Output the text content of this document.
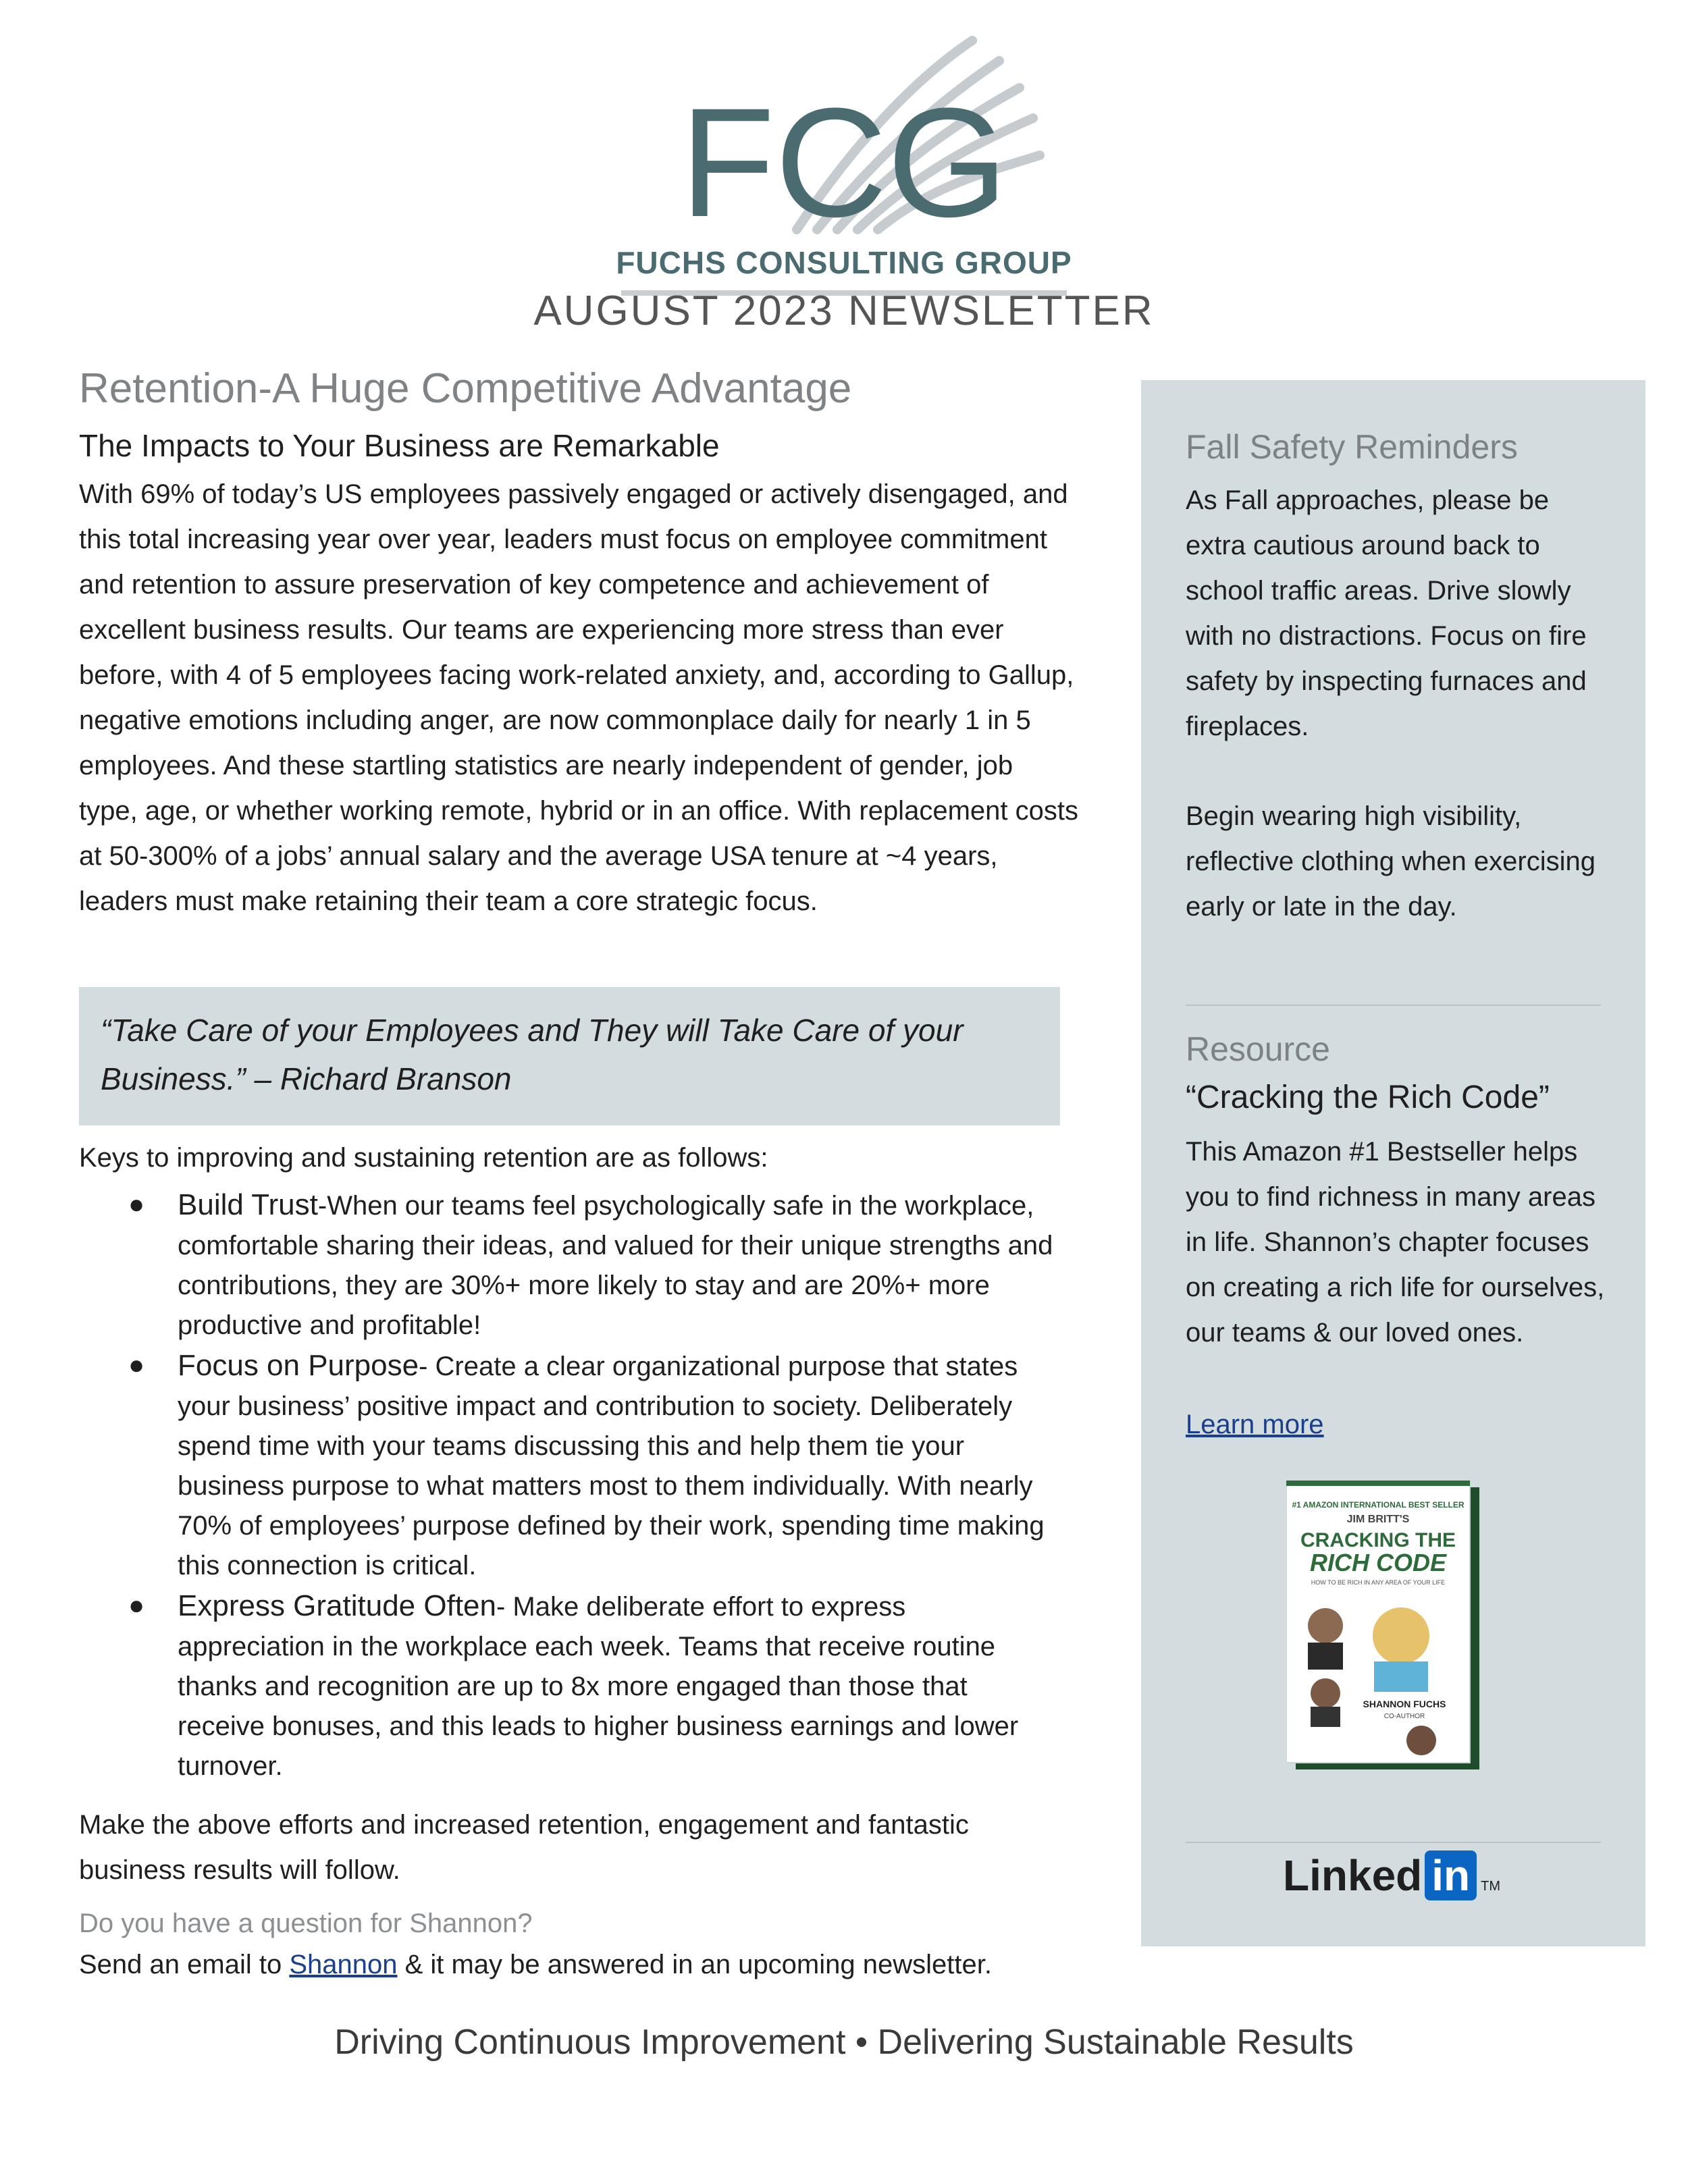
FCG
FUCHS CONSULTING GROUP
AUGUST 2023 NEWSLETTER
Retention-A Huge Competitive Advantage
The Impacts to Your Business are Remarkable

With 69% of today’s US employees passively engaged or actively disengaged, and this total increasing year over year, leaders must focus on employee commitment and retention to assure preservation of key competence and achievement of excellent business results. Our teams are experiencing more stress than ever before, with 4 of 5 employees facing work-related anxiety, and, according to Gallup, negative emotions including anger, are now commonplace daily for nearly 1 in 5 employees. And these startling statistics are nearly independent of gender, job type, age, or whether working remote, hybrid or in an office. With replacement costs at 50-300% of a jobs’ annual salary and the average USA tenure at ~4 years, leaders must make retaining their team a core strategic focus.

“Take Care of your Employees and They will Take Care of your Business.” – Richard Branson
Keys to improving and sustaining retention are as follows:
● Build Trust-When our teams feel psychologically safe in the workplace, comfortable sharing their ideas, and valued for their unique strengths and contributions, they are 30%+ more likely to stay and are 20%+ more productive and profitable!
● Focus on Purpose- Create a clear organizational purpose that states your business’ positive impact and contribution to society. Deliberately spend time with your teams discussing this and help them tie your business purpose to what matters most to them individually. With nearly 70% of employees’ purpose defined by their work, spending time making this connection is critical.
● Express Gratitude Often- Make deliberate effort to express appreciation in the workplace each week. Teams that receive routine thanks and recognition are up to 8x more engaged than those that receive bonuses, and this leads to higher business earnings and lower turnover.
Make the above efforts and increased retention, engagement and fantastic business results will follow.
Do you have a question for Shannon?
Send an email to Shannon & it may be answered in an upcoming newsletter.
Driving Continuous Improvement • Delivering Sustainable Results
Fall Safety Reminders
As Fall approaches, please be extra cautious around back to school traffic areas. Drive slowly with no distractions. Focus on fire safety by inspecting furnaces and fireplaces.
Begin wearing high visibility, reflective clothing when exercising early or late in the day.
Resource
“Cracking the Rich Code”
This Amazon #1 Bestseller helps you to find richness in many areas in life. Shannon’s chapter focuses on creating a rich life for ourselves, our teams & our loved ones.
Learn more
#1 AMAZON INTERNATIONAL BEST SELLER
JIM BRITT'S
CRACKING THE
RICH CODE
HOW TO BE RICH IN ANY AREA OF YOUR LIFE
SHANNON FUCHS
CO-AUTHOR
Linked in TM
